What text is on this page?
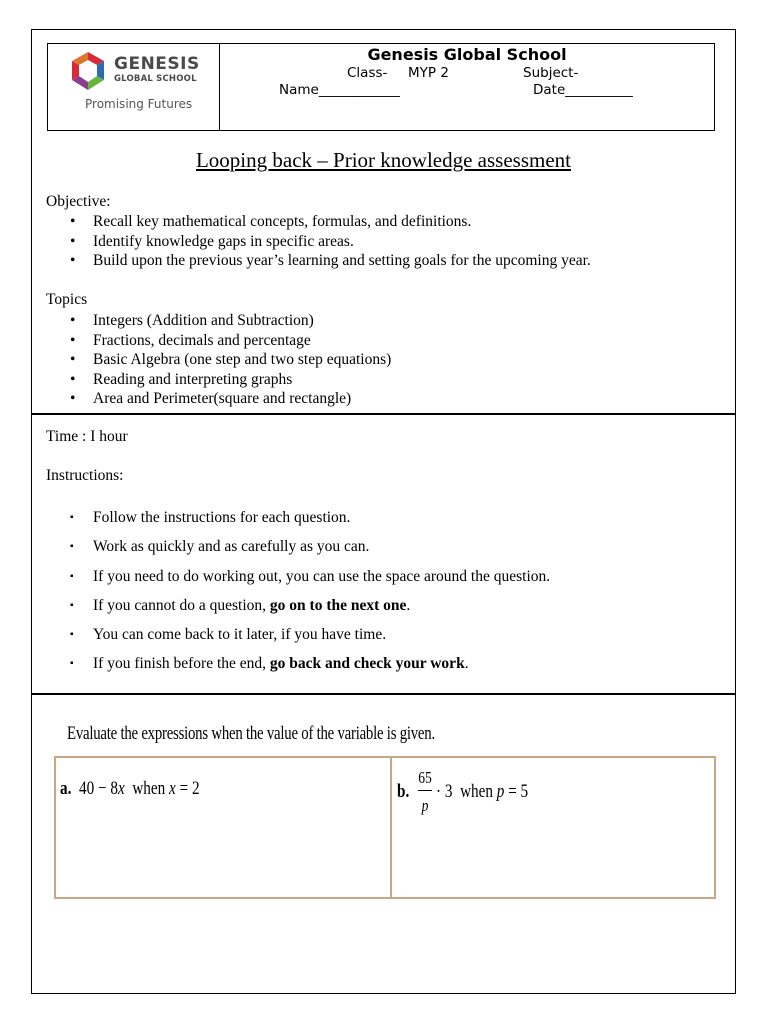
GENESIS
GLOBAL SCHOOL
Promising Futures
Genesis Global School
Class- MYP 2	Subject-
Name____________	Date__________
Looping back – Prior knowledge assessment
Objective:
• Recall key mathematical concepts, formulas, and definitions.
• Identify knowledge gaps in specific areas.
• Build upon the previous year’s learning and setting goals for the upcoming year.
Topics
• Integers (Addition and Subtraction)
• Fractions, decimals and percentage
• Basic Algebra (one step and two step equations)
• Reading and interpreting graphs
• Area and Perimeter(square and rectangle)
Time : I hour
Instructions:
▪ Follow the instructions for each question.
▪ Work as quickly and as carefully as you can.
▪ If you need to do working out, you can use the space around the question.
▪ If you cannot do a question, go on to the next one.
▪ You can come back to it later, if you have time.
▪ If you finish before the end, go back and check your work.
Evaluate the expressions when the value of the variable is given.
a. 40 − 8x when x = 2	b.
65
p
· 3 when p = 5
